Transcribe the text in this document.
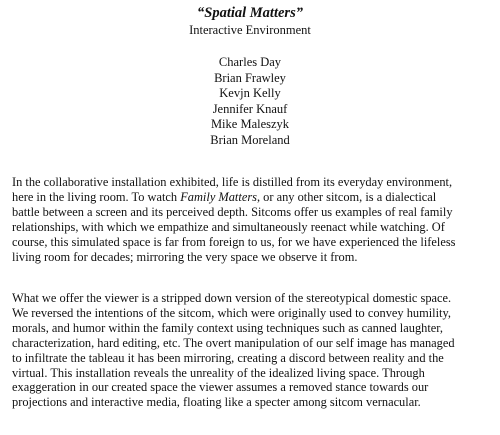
“Spatial Matters”
Interactive Environment
Charles Day
Brian Frawley
Kevjn Kelly
Jennifer Knauf
Mike Maleszyk
Brian Moreland

In the collaborative installation exhibited, life is distilled from its everyday environment,
here in the living room. To watch Family Matters, or any other sitcom, is a dialectical
battle between a screen and its perceived depth. Sitcoms offer us examples of real family
relationships, with which we empathize and simultaneously reenact while watching. Of
course, this simulated space is far from foreign to us, for we have experienced the lifeless
living room for decades; mirroring the very space we observe it from.

What we offer the viewer is a stripped down version of the stereotypical domestic space.
We reversed the intentions of the sitcom, which were originally used to convey humility,
morals, and humor within the family context using techniques such as canned laughter,
characterization, hard editing, etc. The overt manipulation of our self image has managed
to infiltrate the tableau it has been mirroring, creating a discord between reality and the
virtual. This installation reveals the unreality of the idealized living space. Through
exaggeration in our created space the viewer assumes a removed stance towards our
projections and interactive media, floating like a specter among sitcom vernacular.
